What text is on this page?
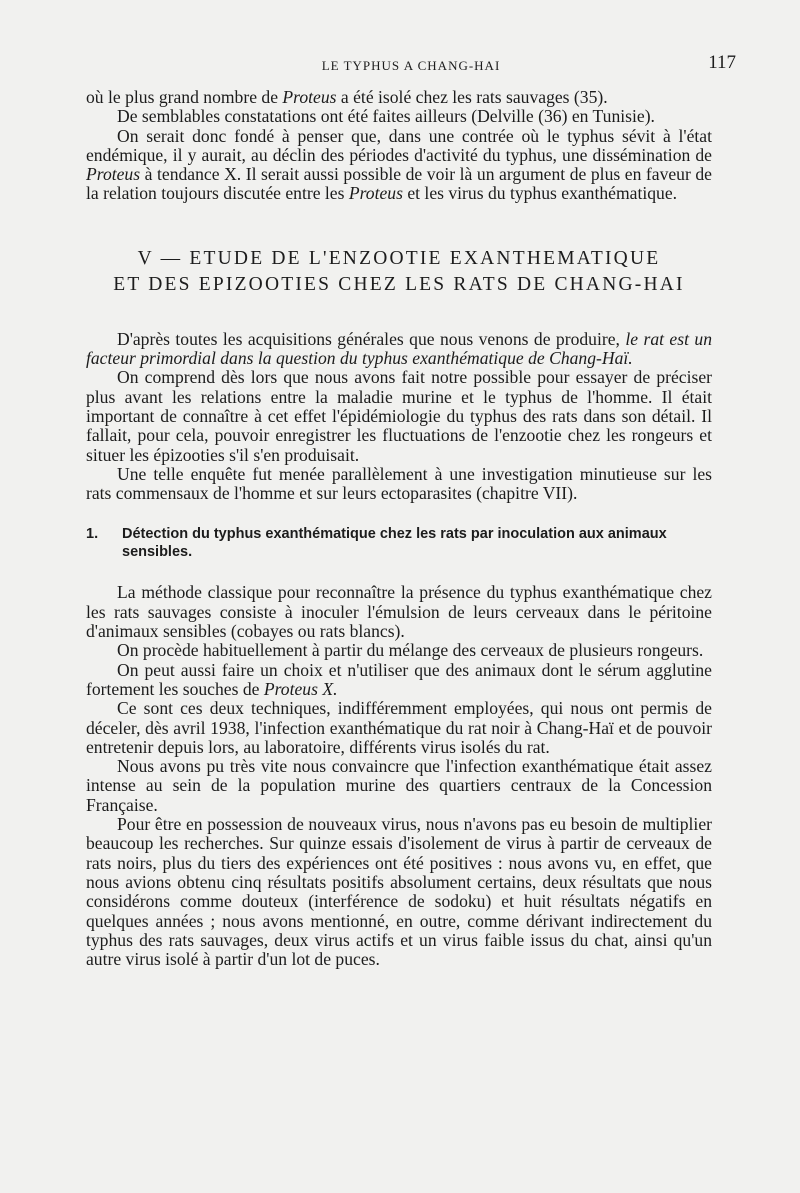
LE TYPHUS A CHANG-HAI	117

où le plus grand nombre de Proteus a été isolé chez les rats sauvages (35).

De semblables constatations ont été faites ailleurs (Delville (36) en Tunisie).

On serait donc fondé à penser que, dans une contrée où le typhus sévit à l'état endémique, il y aurait, au déclin des périodes d'activité du typhus, une dissémination de Proteus à tendance X. Il serait aussi possible de voir là un argument de plus en faveur de la relation toujours discutée entre les Proteus et les virus du typhus exanthématique.

V — ETUDE DE L'ENZOOTIE EXANTHEMATIQUE
ET DES EPIZOOTIES CHEZ LES RATS DE CHANG-HAI

D'après toutes les acquisitions générales que nous venons de produire, le rat est un facteur primordial dans la question du typhus exanthématique de Chang-Haï.

On comprend dès lors que nous avons fait notre possible pour essayer de préciser plus avant les relations entre la maladie murine et le typhus de l'homme. Il était important de connaître à cet effet l'épidémiologie du typhus des rats dans son détail. Il fallait, pour cela, pouvoir enregistrer les fluctuations de l'enzootie chez les rongeurs et situer les épizooties s'il s'en produisait.

Une telle enquête fut menée parallèlement à une investigation minutieuse sur les rats commensaux de l'homme et sur leurs ectoparasites (chapitre VII).

1. Détection du typhus exanthématique chez les rats par inoculation aux animaux sensibles.

La méthode classique pour reconnaître la présence du typhus exanthématique chez les rats sauvages consiste à inoculer l'émulsion de leurs cerveaux dans le péritoine d'animaux sensibles (cobayes ou rats blancs).

On procède habituellement à partir du mélange des cerveaux de plusieurs rongeurs.

On peut aussi faire un choix et n'utiliser que des animaux dont le sérum agglutine fortement les souches de Proteus X.

Ce sont ces deux techniques, indifféremment employées, qui nous ont permis de déceler, dès avril 1938, l'infection exanthématique du rat noir à Chang-Haï et de pouvoir entretenir depuis lors, au laboratoire, différents virus isolés du rat.

Nous avons pu très vite nous convaincre que l'infection exanthématique était assez intense au sein de la population murine des quartiers centraux de la Concession Française.

Pour être en possession de nouveaux virus, nous n'avons pas eu besoin de multiplier beaucoup les recherches. Sur quinze essais d'isolement de virus à partir de cerveaux de rats noirs, plus du tiers des expériences ont été positives : nous avons vu, en effet, que nous avions obtenu cinq résultats positifs absolument certains, deux résultats que nous considérons comme douteux (interférence de sodoku) et huit résultats négatifs en quelques années ; nous avons mentionné, en outre, comme dérivant indirectement du typhus des rats sauvages, deux virus actifs et un virus faible issus du chat, ainsi qu'un autre virus isolé à partir d'un lot de puces.
